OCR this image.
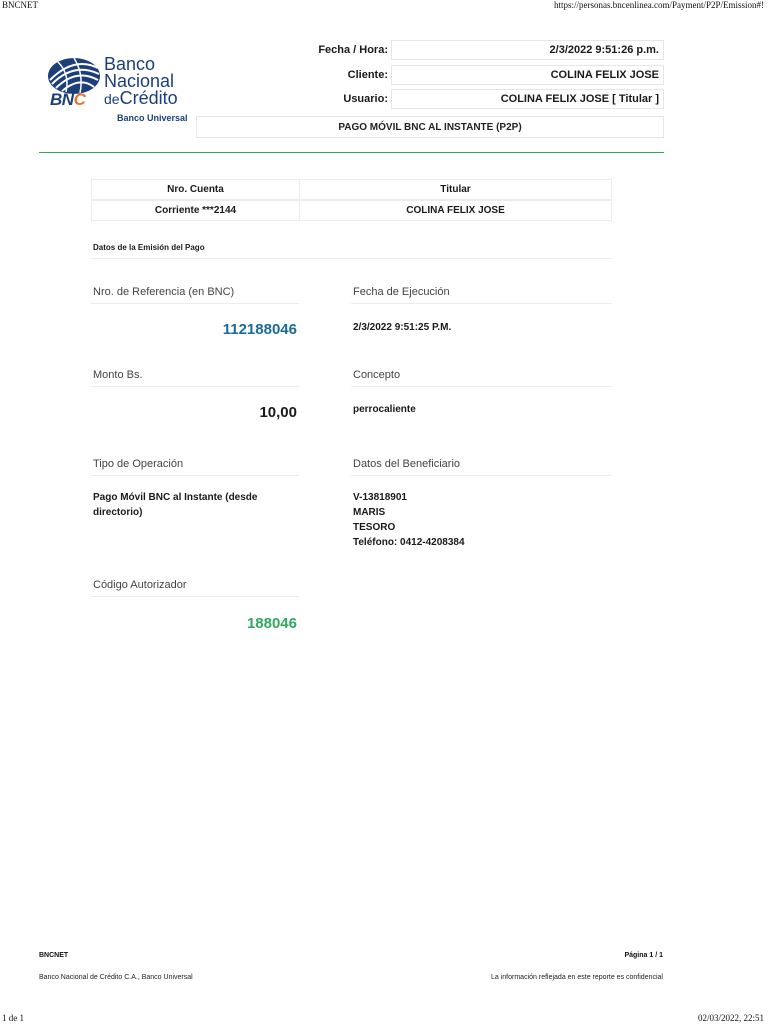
BNCNET	https://personas.bncenlinea.com/Payment/P2P/Emission#!
BNC
Banco
Nacional
deCrédito
Banco Universal
Fecha / Hora:	2/3/2022 9:51:26 p.m.
Cliente:	COLINA FELIX JOSE
Usuario:	COLINA FELIX JOSE [ Titular ]
PAGO MÓVIL BNC AL INSTANTE (P2P)
Nro. Cuenta	Titular
Corriente ***2144	COLINA FELIX JOSE
Datos de la Emisión del Pago
Nro. de Referencia (en BNC)
112188046
Fecha de Ejecución
2/3/2022 9:51:25 P.M.
Monto Bs.
10,00
Concepto
perrocaliente
Tipo de Operación
Pago Móvil BNC al Instante (desde
directorio)
Datos del Beneficiario
V-13818901
MARIS
TESORO
Teléfono: 0412-4208384
Código Autorizador
188046
BNCNET	Página 1 / 1
Banco Nacional de Crédito C.A., Banco Universal	La información reflejada en este reporte es confidencial
1 de 1	02/03/2022, 22:51
